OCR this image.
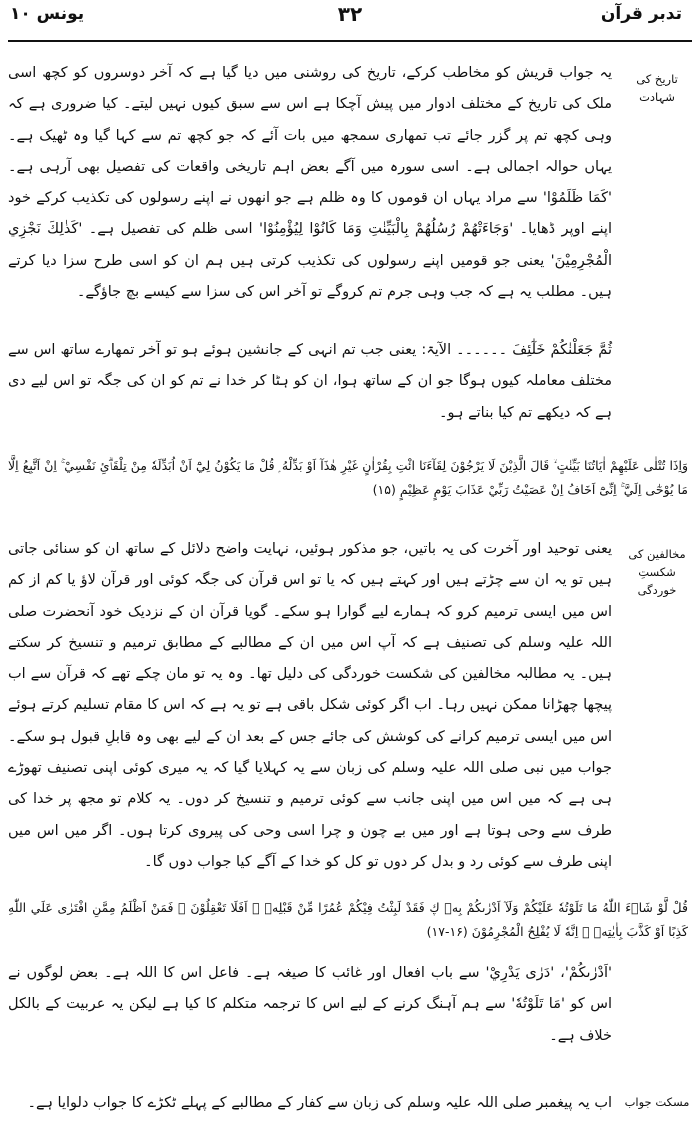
یونس ۱۰	۳۲	تدبر قرآن
تاریخ کی شہادت
مخالفین کی شکستِ خوردگی
مسکت جواب
یہ جواب قریش کو مخاطب کرکے، تاریخ کی روشنی میں دیا گیا ہے کہ آخر دوسروں کو کچھ اسی ملک کی تاریخ کے مختلف ادوار میں پیش آچکا ہے اس سے سبق کیوں نہیں لیتے۔ کیا ضروری ہے کہ وہی کچھ تم پر گزر جائے تب تمھاری سمجھ میں بات آئے کہ جو کچھ تم سے کہا گیا وہ ٹھیک ہے۔ یہاں حوالہ اجمالی ہے۔ اسی سورہ میں آگے بعض اہم تاریخی واقعات کی تفصیل بھی آرہی ہے۔ 'کَمَا ظَلَمُوْا' سے مراد یہاں ان قوموں کا وہ ظلم ہے جو انھوں نے اپنے رسولوں کی تکذیب کرکے خود اپنے اوپر ڈھایا۔ 'وَجَاءَتْهُمْ رُسُلُهُمْ بِالْبَيِّنٰتِ وَمَا كَانُوْا لِيُؤْمِنُوْا' اسی ظلم کی تفصیل ہے۔ 'كَذٰلِكَ نَجْزِي الْمُجْرِمِيْنَ' یعنی جو قومیں اپنے رسولوں کی تکذیب کرتی ہیں ہم ان کو اسی طرح سزا دیا کرتے ہیں۔ مطلب یہ ہے کہ جب وہی جرم تم کروگے تو آخر اس کی سزا سے کیسے بچ جاؤگے۔
ثُمَّ جَعَلْنٰكُمْ خَلٰٓئِفَ ۔۔۔۔۔۔ الآیۃ: یعنی جب تم انہی کے جانشین ہوئے ہو تو آخر تمھارے ساتھ اس سے مختلف معاملہ کیوں ہوگا جو ان کے ساتھ ہوا، ان کو ہٹا کر خدا نے تم کو ان کی جگہ تو اس لیے دی ہے کہ دیکھے تم کیا بناتے ہو۔
وَاِذَا تُتْلٰى عَلَيْهِمْ اٰيَاتُنَا بَيِّنٰتٍ ۙ قَالَ الَّذِيْنَ لَا يَرْجُوْنَ لِقَآءَنَا ائْتِ بِقُرْاٰنٍ غَيْرِ هٰذَآ اَوْ بَدِّلْهُ ۭ قُلْ مَا يَكُوْنُ لِيْٓ اَنْ اُبَدِّلَهٗ مِنْ تِلْقَاۗئِ نَفْسِيْ ۚ اِنْ اَتَّبِعُ اِلَّا مَا يُوْحٰٓى اِلَيَّ ۚ اِنِّىْٓ اَخَافُ اِنْ عَصَيْتُ رَبِّيْ عَذَابَ يَوْمٍ عَظِيْمٍ (۱۵)
یعنی توحید اور آخرت کی یہ باتیں، جو مذکور ہوئیں، نہایت واضح دلائل کے ساتھ ان کو سنائی جاتی ہیں تو یہ ان سے چڑتے ہیں اور کہتے ہیں کہ یا تو اس قرآن کی جگہ کوئی اور قرآن لاؤ یا کم از کم اس میں ایسی ترمیم کرو کہ ہمارے لیے گوارا ہو سکے۔ گویا قرآن ان کے نزدیک خود آنحضرت صلی اللہ علیہ وسلم کی تصنیف ہے کہ آپ اس میں ان کے مطالبے کے مطابق ترمیم و تنسیخ کر سکتے ہیں۔ یہ مطالبہ مخالفین کی شکست خوردگی کی دلیل تھا۔ وہ یہ تو مان چکے تھے کہ قرآن سے اب پیچھا چھڑانا ممکن نہیں رہا۔ اب اگر کوئی شکل باقی ہے تو یہ ہے کہ اس کا مقام تسلیم کرتے ہوئے اس میں ایسی ترمیم کرانے کی کوشش کی جائے جس کے بعد ان کے لیے بھی وہ قابلِ قبول ہو سکے۔ جواب میں نبی صلی اللہ علیہ وسلم کی زبان سے یہ کہلایا گیا کہ یہ میری کوئی اپنی تصنیف تھوڑے ہی ہے کہ میں اس میں اپنی جانب سے کوئی ترمیم و تنسیخ کر دوں۔ یہ کلام تو مجھ پر خدا کی طرف سے وحی ہوتا ہے اور میں بے چون و چرا اسی وحی کی پیروی کرتا ہوں۔ اگر میں اس میں اپنی طرف سے کوئی رد و بدل کر دوں تو کل کو خدا کے آگے کیا جواب دوں گا۔
قُلْ لَّوْ شَاۗءَ اللّٰهُ مَا تَلَوْتُهٗ عَلَيْكُمْ وَلَآ اَدْرٰىكُمْ بِهٖ ڮ فَقَدْ لَبِثْتُ فِيْكُمْ عُمُرًا مِّنْ قَبْلِهٖ ۭ اَفَلَا تَعْقِلُوْنَ ۚ فَمَنْ اَظْلَمُ مِمَّنِ افْتَرٰى عَلَي اللّٰهِ كَذِبًا اَوْ كَذَّبَ بِاٰيٰتِهٖ ۭ اِنَّهٗ لَا يُفْلِحُ الْمُجْرِمُوْنَ (۱۶-۱۷)
'اَدْرٰىكُمْ'، 'دَرٰى يَدْرِيْ' سے باب افعال اور غائب کا صیغہ ہے۔ فاعل اس کا اللہ ہے۔ بعض لوگوں نے اس کو 'مَا تَلَوْتُهٗ' سے ہم آہنگ کرنے کے لیے اس کا ترجمہ متکلم کا کیا ہے لیکن یہ عربیت کے بالکل خلاف ہے۔
اب یہ پیغمبر صلی اللہ علیہ وسلم کی زبان سے کفار کے مطالبے کے پہلے ٹکڑے کا جواب دلوایا ہے۔
